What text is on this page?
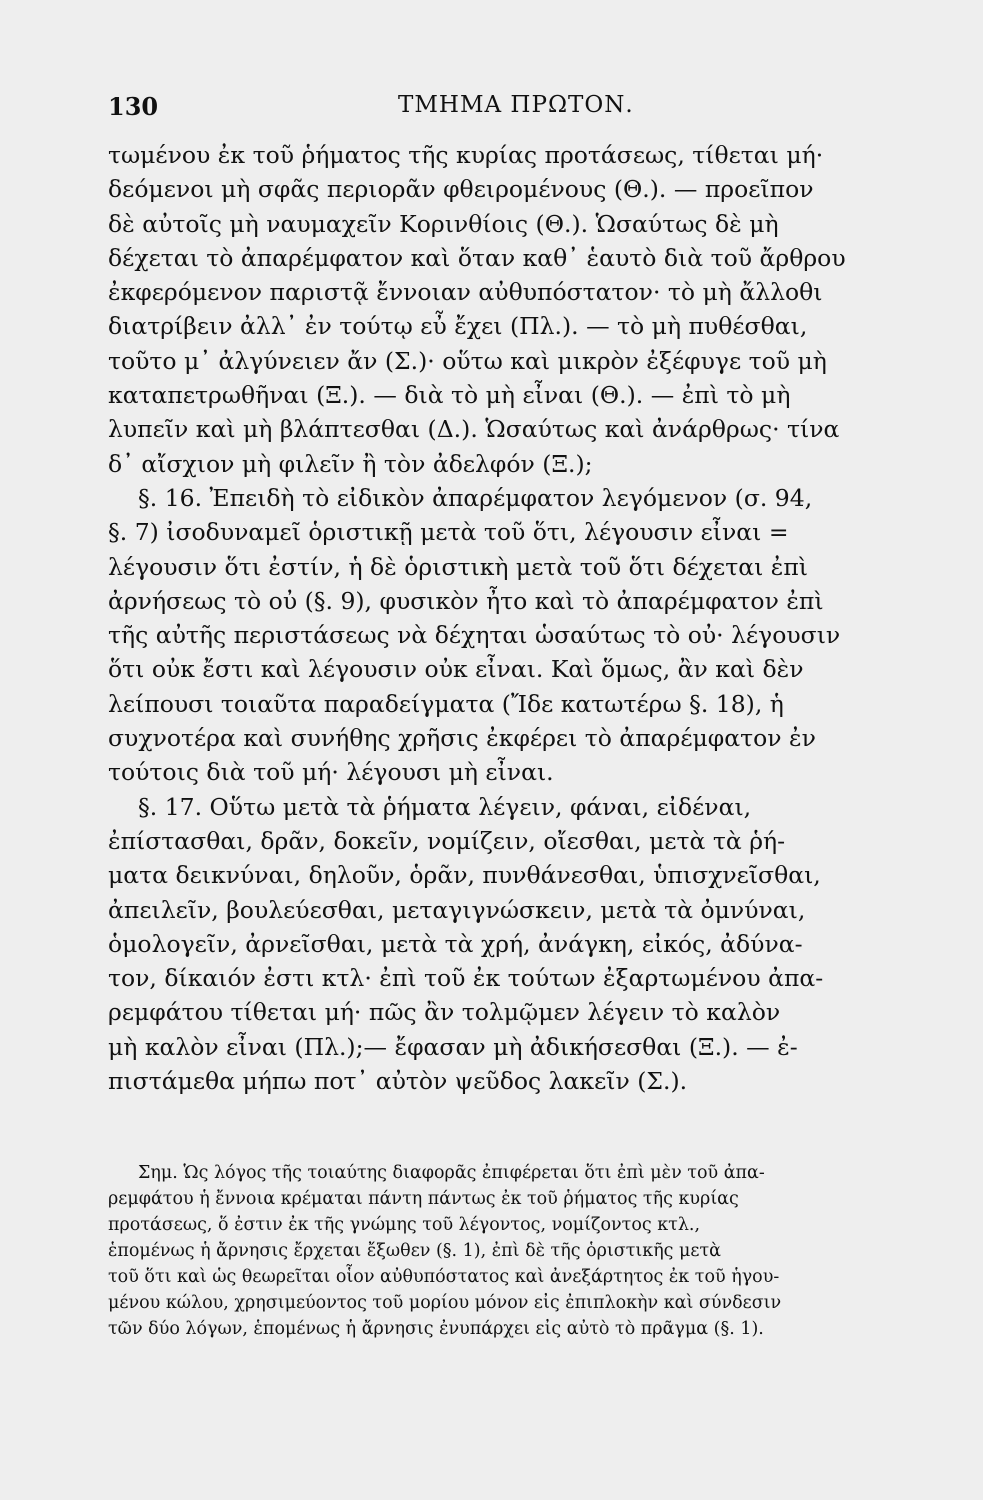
130	ΤΜΗΜΑ ΠΡΩΤΟΝ.
τωμένου ἐκ τοῦ ῥήματος τῆς κυρίας προτάσεως, τίθεται μή·
δεόμενοι μὴ σφᾶς περιορᾶν φθειρομένους (Θ.). — προεῖπον
δὲ αὐτοῖς μὴ ναυμαχεῖν Κορινθίοις (Θ.). Ὡσαύτως δὲ μὴ
δέχεται τὸ ἀπαρέμφατον καὶ ὅταν καθ᾽ ἑαυτὸ διὰ τοῦ ἄρθρου
ἐκφερόμενον παριστᾷ ἔννοιαν αὐθυπόστατον· τὸ μὴ ἄλλοθι
διατρίβειν ἀλλ᾽ ἐν τούτῳ εὖ ἔχει (Πλ.). — τὸ μὴ πυθέσθαι,
τοῦτο μ᾽ ἀλγύνειεν ἄν (Σ.)· οὕτω καὶ μικρὸν ἐξέφυγε τοῦ μὴ
καταπετρωθῆναι (Ξ.). — διὰ τὸ μὴ εἶναι (Θ.). — ἐπὶ τὸ μὴ
λυπεῖν καὶ μὴ βλάπτεσθαι (Δ.). Ὡσαύτως καὶ ἀνάρθρως· τίνα
δ᾽ αἴσχιον μὴ φιλεῖν ἢ τὸν ἀδελφόν (Ξ.);
§. 16. Ἐπειδὴ τὸ εἰδικὸν ἀπαρέμφατον λεγόμενον (σ. 94,
§. 7) ἰσοδυναμεῖ ὁριστικῇ μετὰ τοῦ ὅτι, λέγουσιν εἶναι =
λέγουσιν ὅτι ἐστίν, ἡ δὲ ὁριστικὴ μετὰ τοῦ ὅτι δέχεται ἐπὶ
ἀρνήσεως τὸ οὐ (§. 9), φυσικὸν ἦτο καὶ τὸ ἀπαρέμφατον ἐπὶ
τῆς αὐτῆς περιστάσεως νὰ δέχηται ὡσαύτως τὸ οὐ· λέγουσιν
ὅτι οὐκ ἔστι καὶ λέγουσιν οὐκ εἶναι. Καὶ ὅμως, ἂν καὶ δὲν
λείπουσι τοιαῦτα παραδείγματα (Ἴδε κατωτέρω §. 18), ἡ
συχνοτέρα καὶ συνήθης χρῆσις ἐκφέρει τὸ ἀπαρέμφατον ἐν
τούτοις διὰ τοῦ μή· λέγουσι μὴ εἶναι.
§. 17. Οὕτω μετὰ τὰ ῥήματα λέγειν, φάναι, εἰδέναι,
ἐπίστασθαι, δρᾶν, δοκεῖν, νομίζειν, οἴεσθαι, μετὰ τὰ ῥή-
ματα δεικνύναι, δηλοῦν, ὁρᾶν, πυνθάνεσθαι, ὑπισχνεῖσθαι,
ἀπειλεῖν, βουλεύεσθαι, μεταγιγνώσκειν, μετὰ τὰ ὀμνύναι,
ὁμολογεῖν, ἀρνεῖσθαι, μετὰ τὰ χρή, ἀνάγκη, εἰκός, ἀδύνα-
τον, δίκαιόν ἐστι κτλ· ἐπὶ τοῦ ἐκ τούτων ἐξαρτωμένου ἀπα-
ρεμφάτου τίθεται μή· πῶς ἂν τολμῷμεν λέγειν τὸ καλὸν
μὴ καλὸν εἶναι (Πλ.);— ἔφασαν μὴ ἀδικήσεσθαι (Ξ.). — ἐ-
πιστάμεθα μήπω ποτ᾽ αὐτὸν ψεῦδος λακεῖν (Σ.).
Σημ. Ὡς λόγος τῆς τοιαύτης διαφορᾶς ἐπιφέρεται ὅτι ἐπὶ μὲν τοῦ ἀπα-
ρεμφάτου ἡ ἔννοια κρέμαται πάντη πάντως ἐκ τοῦ ῥήματος τῆς κυρίας
προτάσεως, ὅ ἐστιν ἐκ τῆς γνώμης τοῦ λέγοντος, νομίζοντος κτλ.,
ἑπομένως ἡ ἄρνησις ἔρχεται ἔξωθεν (§. 1), ἐπὶ δὲ τῆς ὁριστικῆς μετὰ
τοῦ ὅτι καὶ ὡς θεωρεῖται οἷον αὐθυπόστατος καὶ ἀνεξάρτητος ἐκ τοῦ ἡγου-
μένου κώλου, χρησιμεύοντος τοῦ μορίου μόνον εἰς ἐπιπλοκὴν καὶ σύνδεσιν
τῶν δύο λόγων, ἑπομένως ἡ ἄρνησις ἐνυπάρχει εἰς αὐτὸ τὸ πρᾶγμα (§. 1).
